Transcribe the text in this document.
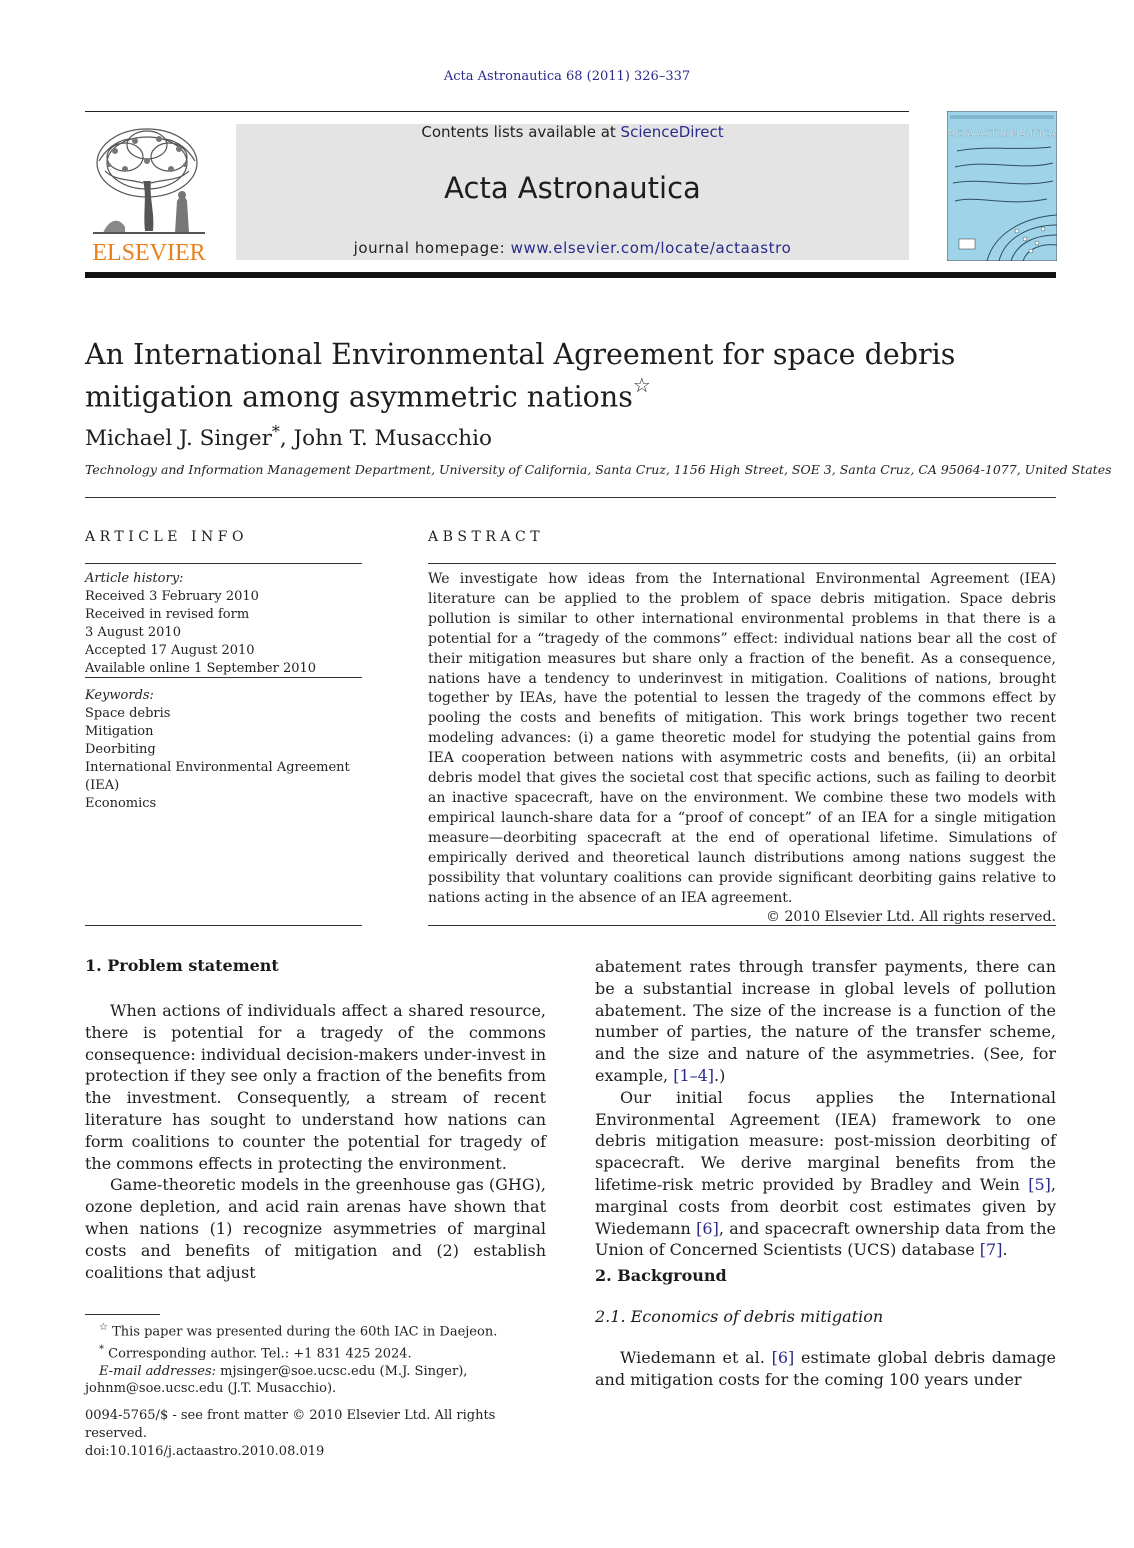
Acta Astronautica 68 (2011) 326–337
ELSEVIER
Contents lists available at ScienceDirect
Acta Astronautica
journal homepage: www.elsevier.com/locate/actaastro
ACTA ASTRONAUTICA
An International Environmental Agreement for space debris
mitigation among asymmetric nations☆
Michael J. Singer*, John T. Musacchio
Technology and Information Management Department, University of California, Santa Cruz, 1156 High Street, SOE 3, Santa Cruz, CA 95064-1077, United States
ARTICLE INFO	ABSTRACT
Article history:
Received 3 February 2010
Received in revised form
3 August 2010
Accepted 17 August 2010
Available online 1 September 2010
Keywords:
Space debris
Mitigation
Deorbiting
International Environmental Agreement
(IEA)
Economics
We investigate how ideas from the International Environmental Agreement (IEA) literature can be applied to the problem of space debris mitigation. Space debris pollution is similar to other international environmental problems in that there is a potential for a “tragedy of the commons” effect: individual nations bear all the cost of their mitigation measures but share only a fraction of the benefit. As a consequence, nations have a tendency to underinvest in mitigation. Coalitions of nations, brought together by IEAs, have the potential to lessen the tragedy of the commons effect by pooling the costs and benefits of mitigation. This work brings together two recent modeling advances: (i) a game theoretic model for studying the potential gains from IEA cooperation between nations with asymmetric costs and benefits, (ii) an orbital debris model that gives the societal cost that specific actions, such as failing to deorbit an inactive spacecraft, have on the environment. We combine these two models with empirical launch-share data for a “proof of concept” of an IEA for a single mitigation measure—deorbiting spacecraft at the end of operational lifetime. Simulations of empirically derived and theoretical launch distributions among nations suggest the possibility that voluntary coalitions can provide significant deorbiting gains relative to nations acting in the absence of an IEA agreement.
© 2010 Elsevier Ltd. All rights reserved.
1. Problem statement

When actions of individuals affect a shared resource, there is potential for a tragedy of the commons consequence: individual decision-makers under-invest in protection if they see only a fraction of the benefits from the investment. Consequently, a stream of recent literature has sought to understand how nations can form coalitions to counter the potential for tragedy of the commons effects in protecting the environment.

Game-theoretic models in the greenhouse gas (GHG), ozone depletion, and acid rain arenas have shown that when nations (1) recognize asymmetries of marginal costs and benefits of mitigation and (2) establish coalitions that adjust

abatement rates through transfer payments, there can be a substantial increase in global levels of pollution abatement. The size of the increase is a function of the number of parties, the nature of the transfer scheme, and the size and nature of the asymmetries. (See, for example, [1–4].)

Our initial focus applies the International Environmental Agreement (IEA) framework to one debris mitigation measure: post-mission deorbiting of spacecraft. We derive marginal benefits from the lifetime-risk metric provided by Bradley and Wein [5], marginal costs from deorbit cost estimates given by Wiedemann [6], and spacecraft ownership data from the Union of Concerned Scientists (UCS) database [7].

2. Background
2.1. Economics of debris mitigation

Wiedemann et al. [6] estimate global debris damage and mitigation costs for the coming 100 years under

☆ This paper was presented during the 60th IAC in Daejeon.
* Corresponding author. Tel.: +1 831 425 2024.
E-mail addresses: mjsinger@soe.ucsc.edu (M.J. Singer),
johnm@soe.ucsc.edu (J.T. Musacchio).
0094-5765/$ - see front matter © 2010 Elsevier Ltd. All rights reserved.
doi:10.1016/j.actaastro.2010.08.019
